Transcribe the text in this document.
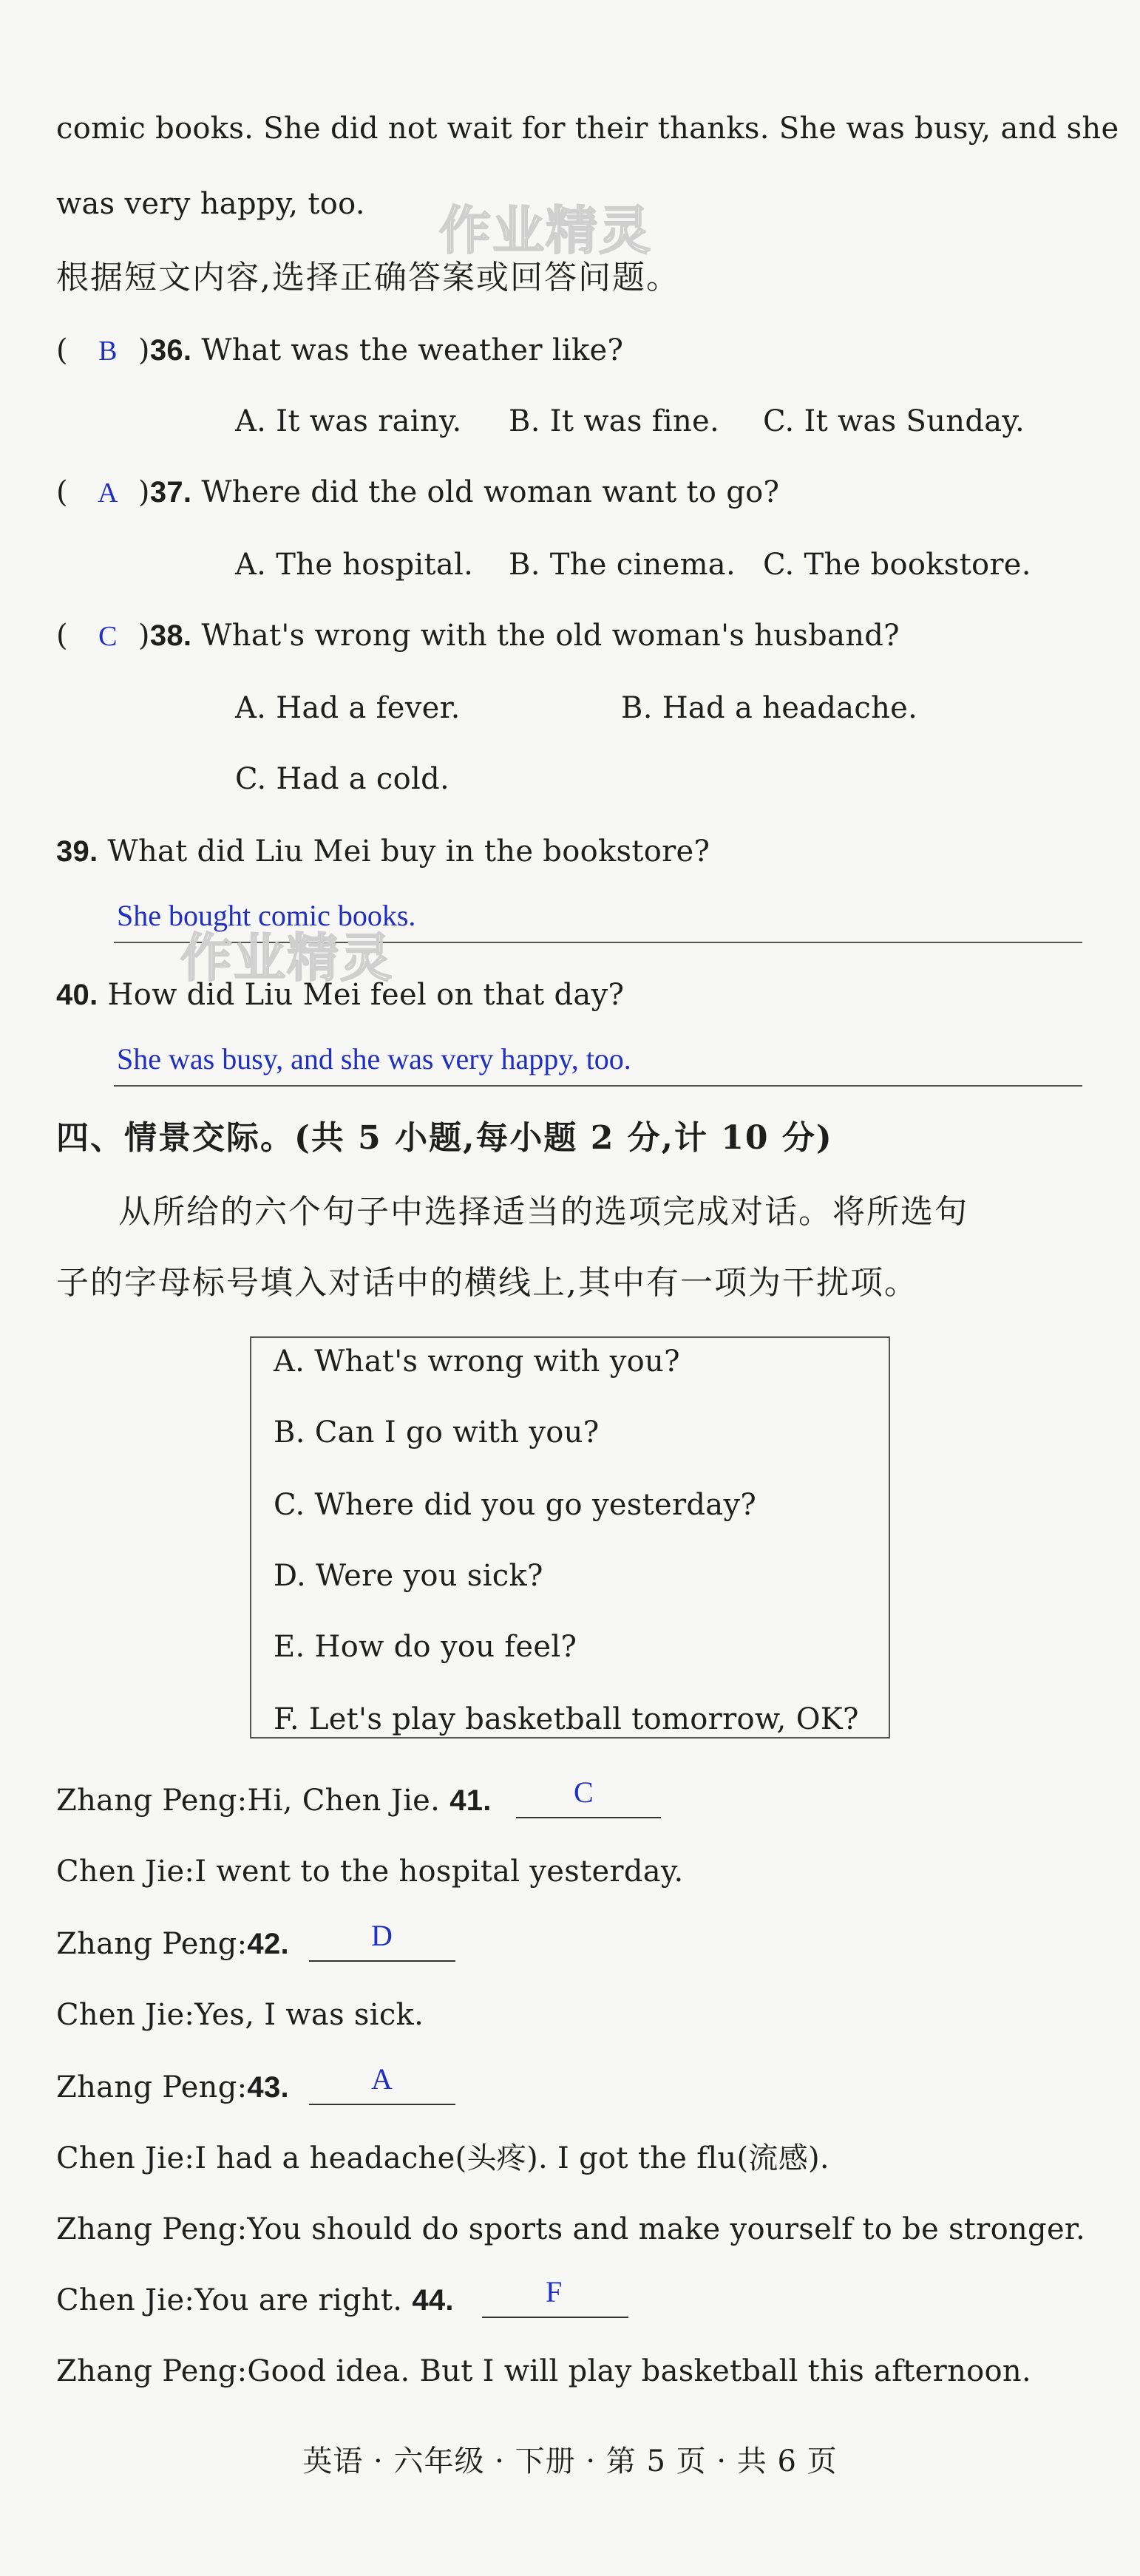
comic books. She did not wait for their thanks. She was busy, and she
was very happy, too. 作业精灵
根据短文内容,选择正确答案或回答问题。
( B )36. What was the weather like?
A. It was rainy. B. It was fine. C. It was Sunday.
( A )37. Where did the old woman want to go?
A. The hospital. B. The cinema. C. The bookstore.
( C )38. What's wrong with the old woman's husband?
A. Had a fever.	B. Had a headache.
C. Had a cold.
39. What did Liu Mei buy in the bookstore?
She bought comic books.
作业精灵
40. How did Liu Mei feel on that day?
She was busy, and she was very happy, too.
四、情景交际。(共 5 小题,每小题 2 分,计 10 分)
从所给的六个句子中选择适当的选项完成对话。将所选句
子的字母标号填入对话中的横线上,其中有一项为干扰项。
A. What's wrong with you?
B. Can I go with you?
C. Where did you go yesterday?
D. Were you sick?
E. How do you feel?
F. Let's play basketball tomorrow, OK?
Zhang Peng:Hi, Chen Jie. 41.	C
Chen Jie:I went to the hospital yesterday.
Zhang Peng:42.	D
Chen Jie:Yes, I was sick.
Zhang Peng:43.	A
Chen Jie:I had a headache(头疼). I got the flu(流感).
Zhang Peng:You should do sports and make yourself to be stronger.
Chen Jie:You are right. 44.	F
Zhang Peng:Good idea. But I will play basketball this afternoon.
英语 · 六年级 · 下册 · 第 5 页 · 共 6 页
